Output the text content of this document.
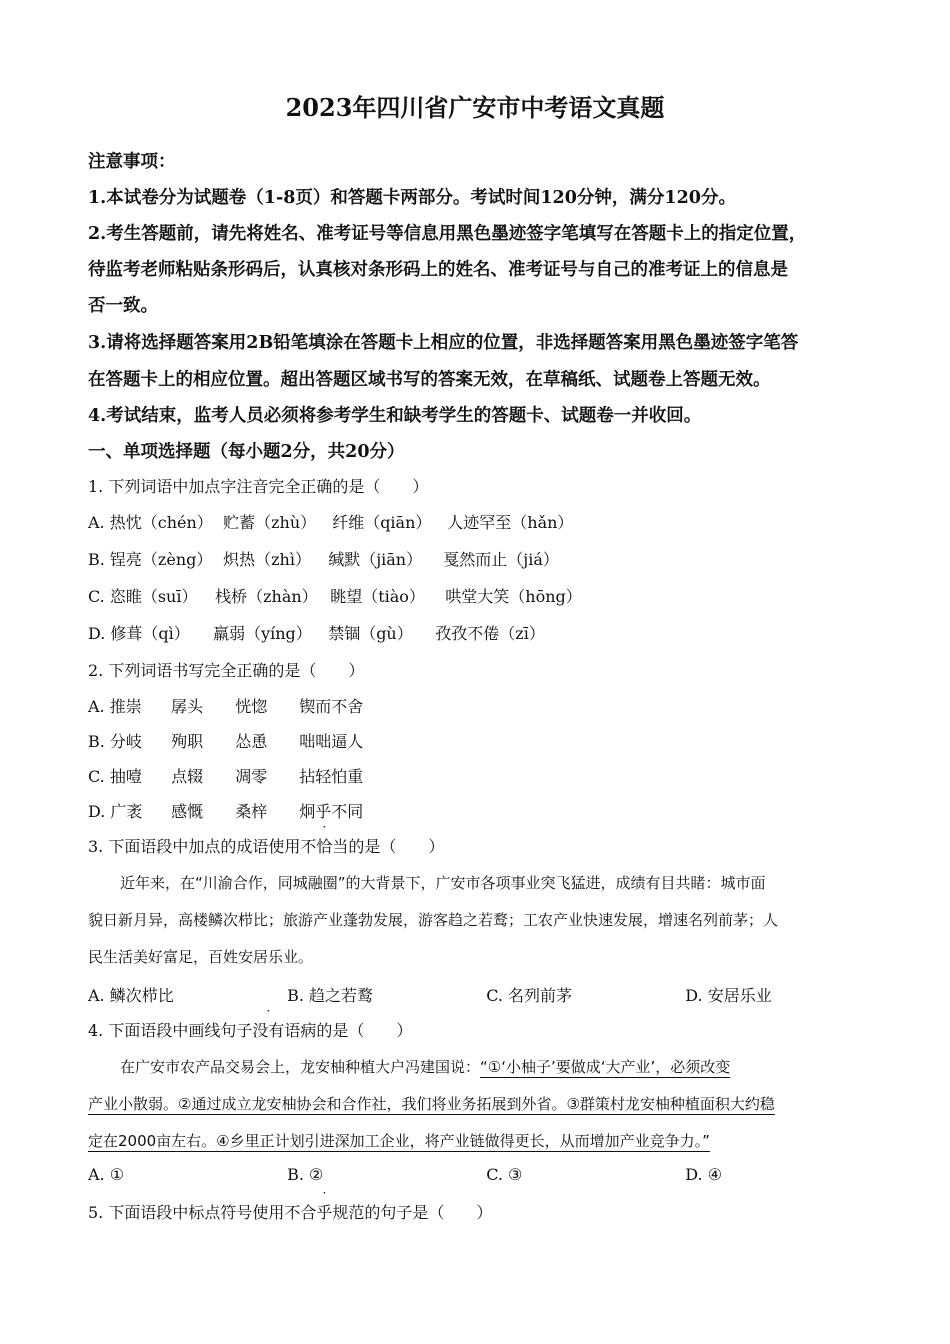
2023年四川省广安市中考语文真题
注意事项：
1.本试卷分为试题卷（1-8页）和答题卡两部分。考试时间120分钟，满分120分。
2.考生答题前，请先将姓名、准考证号等信息用黑色墨迹签字笔填写在答题卡上的指定位置，
待监考老师粘贴条形码后，认真核对条形码上的姓名、准考证号与自己的准考证上的信息是
否一致。
3.请将选择题答案用2B铅笔填涂在答题卡上相应的位置，非选择题答案用黑色墨迹签字笔答
在答题卡上的相应位置。超出答题区域书写的答案无效，在草稿纸、试题卷上答题无效。
4.考试结束，监考人员必须将参考学生和缺考学生的答题卡、试题卷一并收回。
一、单项选择题（每小题2分，共20分）
1. 下列词语中加点字注音完全正确的是（　　）
A. 热忱（chén） 贮蓄（zhù） 纤维（qiān） 人迹罕至（hǎn）
B. 锃亮（zèng） 炽热（zhì） 缄默（jiān） 戛然而止（jiá）
C. 恣睢（suī） 栈桥（zhàn） 眺望（tiào） 哄堂大笑（hōng）
D. 修葺（qì） 羸弱（yíng） 禁锢（gù） 孜孜不倦（zī）
2. 下列词语书写完全正确的是（　　）
A. 推崇 孱头 恍惚 锲而不舍
B. 分岐 殉职 怂恿 咄咄逼人
C. 抽噎 点辍 凋零 拈轻怕重
D. 广袤 感慨 桑梓 炯乎不同
3. 下面语段中加点的成语使用不恰当的是（　　）
近年来，在“川渝合作，同城融圈”的大背景下，广安市各项事业突飞猛进，成绩有目共睹：城市面
貌日新月异，高楼鳞次栉比；旅游产业蓬勃发展，游客趋之若鹜；工农产业快速发展，增速名列前茅；人
民生活美好富足，百姓安居乐业。
A. 鳞次栉比	B. 趋之若鹜	C. 名列前茅	D. 安居乐业
4. 下面语段中画线句子没有语病的是（　　）
在广安市农产品交易会上，龙安柚种植大户冯建国说：“①‘小柚子’要做成‘大产业’，必须改变
产业小散弱。②通过成立龙安柚协会和合作社，我们将业务拓展到外省。③群策村龙安柚种植面积大约稳
定在2000亩左右。④乡里正计划引进深加工企业，将产业链做得更长，从而增加产业竞争力。”
A. ①	B. ②	C. ③	D. ④
5. 下面语段中标点符号使用· 不合乎规范的句子是（　　）
